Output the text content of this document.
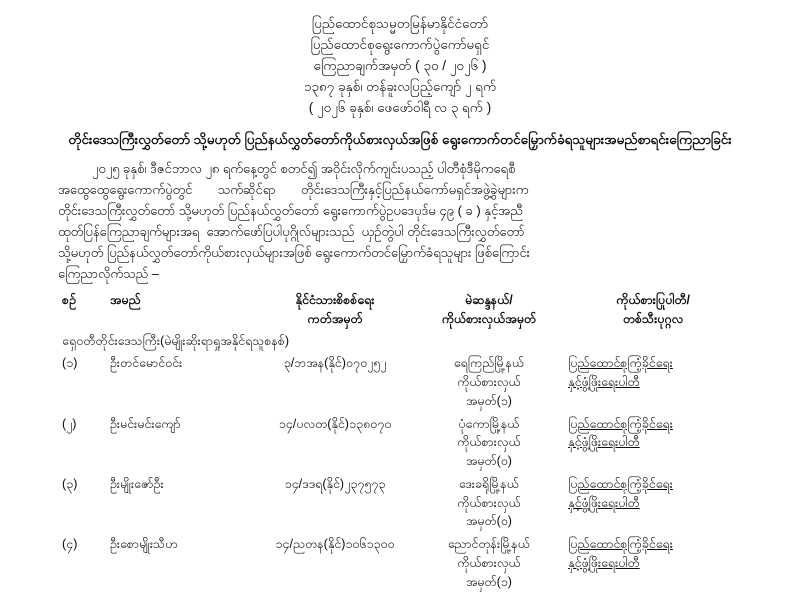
ပြည်ထောင်စုသမ္မတမြန်မာနိုင်ငံတော်
ပြည်ထောင်စုရွေးကောက်ပွဲကော်မရှင်
ကြေညာချက်အမှတ် ( ၃၀ / ၂၀၂၆ )
၁၃၈၇ ခုနှစ်၊ တန်ခူးလပြည့်ကျော် ၂ ရက်
( ၂၀၂၆ ခုနှစ်၊ ဖေဖော်ဝါရီ လ ၃ ရက် )
တိုင်းဒေသကြီးလွှတ်တော် သို့မဟုတ် ပြည်နယ်လွှတ်တော်ကိုယ်စားလှယ်အဖြစ် ရွေးကောက်တင်မြှောက်ခံရသူများအမည်စာရင်းကြေညာခြင်း
၂၀၂၅ ခုနှစ်၊ ဒီဇင်ဘာလ ၂၈ ရက်နေ့တွင် စတင်၍ အဝိုင်းလိုက်ကျင်းပသည့် ပါတီစုံဒီမိုကရေစီ
အထွေထွေရွေးကောက်ပွဲတွင်       သက်ဆိုင်ရာ       တိုင်းဒေသကြီးနှင့်ပြည်နယ်ကော်မရှင်အဖွဲ့ခွဲများက
တိုင်းဒေသကြီးလွှတ်တော် သို့မဟုတ် ပြည်နယ်လွှတ်တော် ရွေးကောက်ပွဲဥပဒေပုဒ်မ ၄၉ ( ခ ) နှင့်အညီ
ထုတ်ပြန်ကြေညာချက်များအရ  အောက်ဖော်ပြပါပုဂ္ဂိုလ်များသည်  ယှဉ်တွဲပါ တိုင်းဒေသကြီးလွှတ်တော်
သို့မဟုတ် ပြည်နယ်လွှတ်တော်ကိုယ်စားလှယ်များအဖြစ် ရွေးကောက်တင်မြှောက်ခံရသူများ ဖြစ်ကြောင်း
ကြေညာလိုက်သည် –
စဉ်	အမည်	နိုင်ငံသားစိစစ်ရေး
ကတ်အမှတ်	မဲဆန္ဒနယ်/
ကိုယ်စားလှယ်အမှတ်	ကိုယ်စားပြုပါတီ/
တစ်သီးပုဂ္ဂလ
ရှေဝတီတိုင်းဒေသကြီး(မဲမျိုးဆိုးရာရှုအနိုင်ရသူစနစ်)				
(၁)	ဦးတင်မောင်ဝင်း	၃/ဘအန(နိုင်)၀၇၀၂၅၂	ရေကြည်မြို့နယ်
ကိုယ်စားလှယ်
အမှတ်(၁)	ပြည်ထောင်စုကြံ့ခိုင်ရေး
နှင့်ဖွံ့ဖြိုးရေးပါတီ
(၂)	ဦးမင်းမင်းကျော်	၁၄/ပလတ(နိုင်)၁၃၈၀၇၀	ပုံကောမြို့နယ်
ကိုယ်စားလှယ်
အမှတ်(၀)	ပြည်ထောင်စုကြံ့ခိုင်ရေး
နှင့်ဖွံ့ဖြိုးရေးပါတီ
(၃)	ဦးမျိုးဇော်ဦး	၁၄/ဒဒရ(နိုင်)၂၃၇၅၇၃	ဒေးခရိုမြို့နယ်
ကိုယ်စားလှယ်
အမှတ်(၀)	ပြည်ထောင်စုကြံ့ခိုင်ရေး
နှင့်ဖွံ့ဖြိုးရေးပါတီ
(၄)	ဦးစောမျိုးသီဟ	၁၄/ညတန(နိုင်)၁၀၆၁၃၀၀	ညောင်တုန်းမြို့နယ်
ကိုယ်စားလှယ်
အမှတ်(၁)	ပြည်ထောင်စုကြံ့ခိုင်ရေး
နှင့်ဖွံ့ဖြိုးရေးပါတီ
